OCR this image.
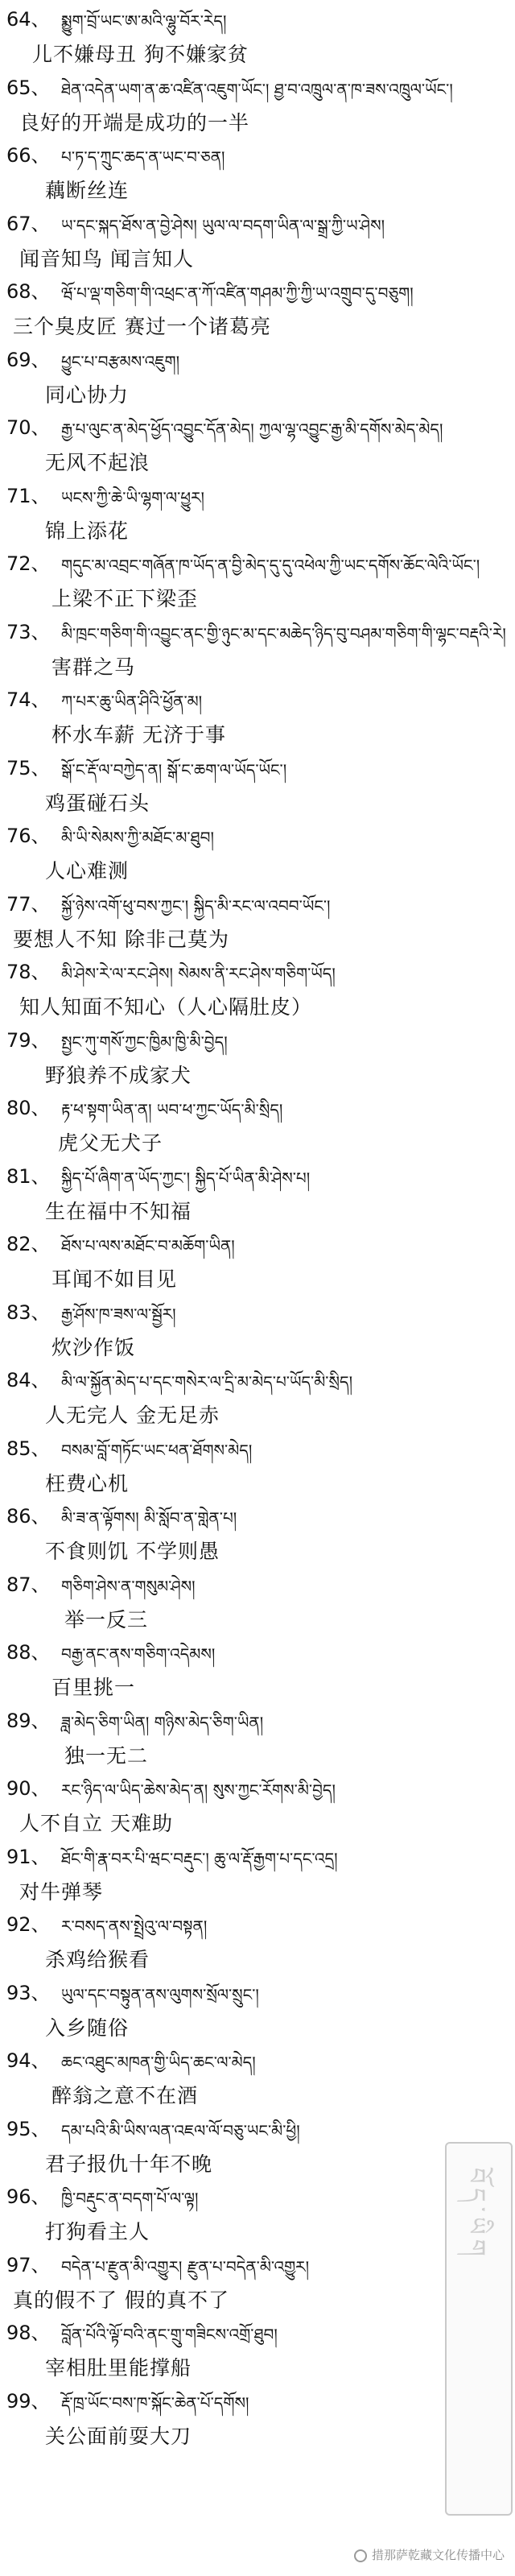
64、 སྨྱུག་བྲོ་ཡང་ཨ་མའི་ལྷུ་བོར་རེད།
儿不嫌母丑 狗不嫌家贫
65、 ཐེན་འདེན་ཡག་ན་ཆ་འཛིན་འཇུག་ཡོང་། ཐྱ་བ་འཁྲུལ་ན་ཁ་ཟས་འཁྲུལ་ཡོང་།
良好的开端是成功的一半
66、 པ་ཏ་ད་ཀྲུང་ཆད་ན་ཡང་བ་ཅན།
藕断丝连
67、 ཡ་དང་སྐད་ཐོས་ན་བྱེ་ཤེས། ཡུལ་ལ་བདག་ཡིན་ལ་སྒྲ་ཀྱི་ཡ་ཤེས།
闻音知鸟 闻言知人
68、 ཝོ་པ་ལྡ་གཅིག་གི་འཕྲང་ན་ཀོ་འཛིན་གཤམ་ཀྱི་ཀྱི་ཡ་འགྲུབ་དུ་བཅུག།
三个臭皮匠 赛过一个诸葛亮
69、 ཕྱུང་པ་བརྩམས་འཇུག།
同心协力
70、 རྒྱ་པ་ལུང་ན་མེད་ཕྱོད་འབྱུང་དོན་མེད། ཀྱལ་ལྷ་འབྱུང་རྒྱ་མི་དགོས་མེད་མེད།
无风不起浪
71、 ཡངས་ཀྱི་ཆེ་ཡི་ལྷག་ལ་ཕྱུར།
锦上添花
72、 གདུང་མ་འབྲང་གཞོན་ཁ་ཡོད་ན་བྱི་མེད་དུ་དུ་འཕེལ་ཀྱི་ཡང་དགོས་ཆོང་ལེའི་ཡོང་།
上梁不正下梁歪
73、 མི་ཁྲང་གཅིག་གི་འབྱུང་ནང་གྱི་ཉུང་མ་དང་མཆེད་ཉིད་བུ་བཤམ་གཅིག་གི་ལྷང་བརྡའི་རེ།
害群之马
74、 ཀ་པར་ཆུ་ཡིན་ཤིའི་ཕྱོན་མ།
杯水车薪 无济于事
75、 སྒོ་ང་རྡོ་ལ་བཀྱེད་ན། སྒོ་ང་ཆག་ལ་ཡོད་ཡོང་།
鸡蛋碰石头
76、 མི་ཡི་སེམས་ཀྱི་མཐོང་མ་ཐུབ།
人心难测
77、 སྐྱོ་ཉེས་འགོ་ཕུ་བས་ཀྱང་། སྐྱིད་མི་རང་ལ་འབབ་ཡོང་།
要想人不知 除非己莫为
78、 མི་ཤེས་རེ་ལ་རང་ཤེས། སེམས་ནི་རང་ཤེས་གཅིག་ཡོད།
知人知面不知心（人心隔肚皮）
79、 སྤྱང་ཀུ་གསོ་ཀྱང་ཁྱིམ་ཁྱི་མི་བྱེད།
野狼养不成家犬
80、 རྟ་ཕ་སྟག་ཡིན་ན། ཡབ་ཕ་ཀྱང་ཡོད་མི་སྲིད།
虎父无犬子
81、 སྐྱིད་པོ་ཞིག་ན་ཡོད་ཀྱང་། སྐྱིད་པོ་ཡིན་མི་ཤེས་པ།
生在福中不知福
82、 ཐོས་པ་ལས་མཐོང་བ་མཆོག་ཡིན།
耳闻不如目见
83、 རྒྱ་ཤོས་ཁ་ཟས་ལ་སྦྱོར།
炊沙作饭
84、 མི་ལ་སྐྱོན་མེད་པ་དང་གསེར་ལ་དྲི་མ་མེད་པ་ཡོད་མི་སྲིད།
人无完人 金无足赤
85、 བསམ་བློ་གཏོང་ཡང་ཕན་ཐོགས་མེད།
枉费心机
86、 མི་ཟ་ན་ལྟོགས། མི་སློབ་ན་གླེན་པ།
不食则饥 不学则愚
87、 གཅིག་ཤེས་ན་གསུམ་ཤེས།
举一反三
88、 བརྒྱ་ནང་ནས་གཅིག་འདེམས།
百里挑一
89、 ཟླ་མེད་ཅིག་ཡིན། གཉིས་མེད་ཅིག་ཡིན།
独一无二
90、 རང་ཉིད་ལ་ཡིད་ཆེས་མེད་ན། སུས་ཀྱང་རོགས་མི་བྱེད།
人不自立 天难助
91、 ཐོང་གི་རྣ་བར་པི་ཝང་བརྡུང་། ཆུ་ལ་རྡོ་རྒྱག་པ་དང་འདྲ།
对牛弹琴
92、 ར་བསད་ནས་སྤྲེའུ་ལ་བསྟན།
杀鸡给猴看
93、 ཡུལ་དང་བསྟུན་ནས་ལུགས་སྲོལ་སྲུང་།
入乡随俗
94、 ཆང་འཐུང་མཁན་གྱི་ཡིད་ཆང་ལ་མེད།
醉翁之意不在酒
95、 དམ་པའི་མི་ཡིས་ལན་འཇལ་ལོ་བཅུ་ཡང་མི་ཕྱི།
君子报仇十年不晚
96、 ཁྱི་བརྡུང་ན་བདག་པོ་ལ་ལྟ།
打狗看主人
97、 བདེན་པ་རྫུན་མི་འགྱུར། རྫུན་པ་བདེན་མི་འགྱུར།
真的假不了 假的真不了
98、 བློན་པོའི་ལྟོ་བའི་ནང་གྲུ་གཟིངས་འགྲོ་ཐུབ།
宰相肚里能撑船
99、 རྡོ་ཁྲ་ཡོང་བས་ཁ་སྐོང་ཆེན་པོ་དགོས།
关公面前耍大刀
བོད་ཡིག
措那萨乾藏文化传播中心
